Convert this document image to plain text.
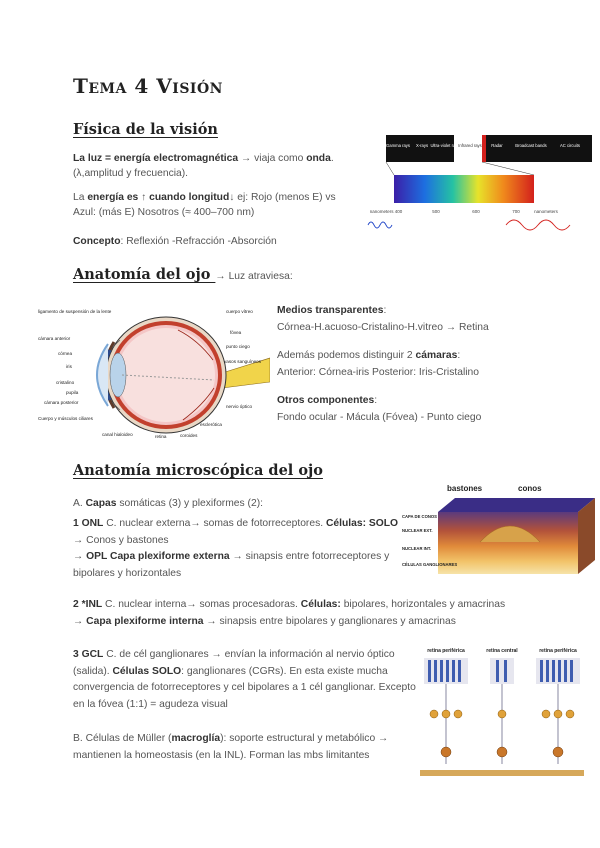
Tema 4 Visión
Física de la visión
La luz = energía electromagnética → viaja como onda.
(λ,amplitud y frecuencia).
La energía es ↑ cuando longitud↓ ej: Rojo (menos E) vs
Azul: (más E) Nosotros (≈ 400–700 nm)
Concepto: Reflexión -Refracción -Absorción
Gamma rays X-rays Ultra-violet rays
Infrared rays Radar	Broadcast bands	AC circuits
nanometers 400	500	600	700	nanometers
Anatomía del ojo → Luz atraviesa:
ligamento de suspensión de la lente
cámara anterior
córnea
iris
cristalino
pupila
cámara posterior
Cuerpo y músculos ciliares
canal hialoideo	retina	coroides
cuerpo vítreo
fóvea
punto ciego
vasos sanguíneos
nervio óptico
esclerótica
Medios transparentes:
Córnea-H.acuoso-Cristalino-H.vitreo → Retina
Además podemos distinguir 2 cámaras:
Anterior: Córnea-iris Posterior: Iris-Cristalino
Otros componentes:
Fondo ocular - Mácula (Fóvea) - Punto ciego
Anatomía microscópica del ojo
A. Capas somáticas (3) y plexiformes (2):
1 ONL C. nuclear externa→ somas de fotorreceptores. Células: SOLO
→ Conos y bastones
→ OPL Capa plexiforme externa → sinapsis entre fotorreceptores y
bipolares y horizontales
2 *INL C. nuclear interna→ somas procesadoras. Células: bipolares, horizontales y amacrinas
→ Capa plexiforme interna → sinapsis entre bipolares y ganglionares y amacrinas
3 GCL C. de cél ganglionares → envían la información al nervio óptico
(salida). Células SOLO: ganglionares (CGRs). En esta existe mucha
convergencia de fotorreceptores y cel bipolares a 1 cél ganglionar. Excepto
en la fóvea (1:1) = agudeza visual
B. Células de Müller (macroglía): soporte estructural y metabólico →
mantienen la homeostasis (en la INL). Forman las mbs limitantes
bastones	conos
CAPA DE CONOS
NUCLEAR EXT.
NUCLEAR INT.
CÉLULAS GANGLIONARES
retina periférica	retina central	retina periférica
